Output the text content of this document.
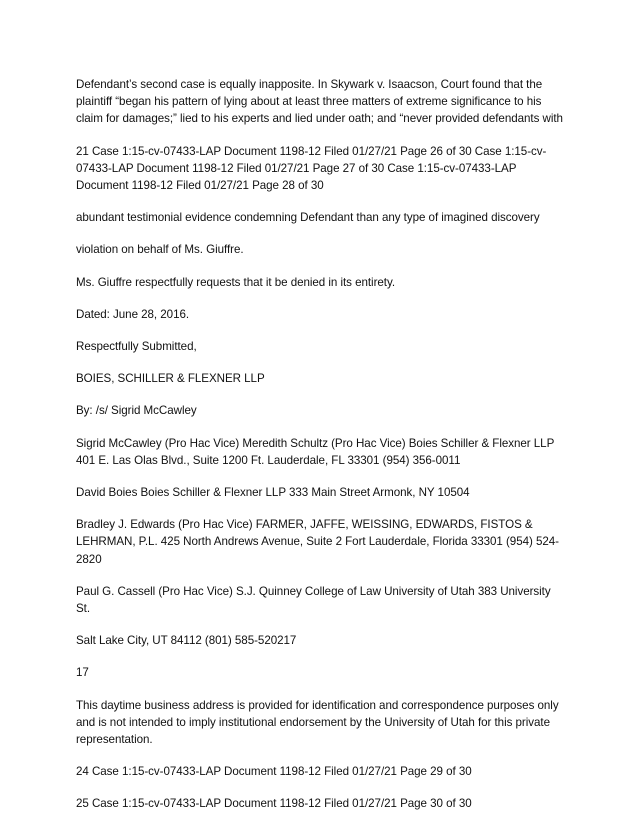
Defendant’s second case is equally inapposite. In Skywark v. Isaacson, Court found that the plaintiff “began his pattern of lying about at least three matters of extreme significance to his claim for damages;” lied to his experts and lied under oath; and “never provided defendants with

21 Case 1:15-cv-07433-LAP Document 1198-12 Filed 01/27/21 Page 26 of 30 Case 1:15-cv-07433-LAP Document 1198-12 Filed 01/27/21 Page 27 of 30 Case 1:15-cv-07433-LAP Document 1198-12 Filed 01/27/21 Page 28 of 30

abundant testimonial evidence condemning Defendant than any type of imagined discovery

violation on behalf of Ms. Giuffre.

Ms. Giuffre respectfully requests that it be denied in its entirety.

Dated: June 28, 2016.

Respectfully Submitted,

BOIES, SCHILLER & FLEXNER LLP

By: /s/ Sigrid McCawley

Sigrid McCawley (Pro Hac Vice) Meredith Schultz (Pro Hac Vice) Boies Schiller & Flexner LLP 401 E. Las Olas Blvd., Suite 1200 Ft. Lauderdale, FL 33301 (954) 356-0011

David Boies Boies Schiller & Flexner LLP 333 Main Street Armonk, NY 10504

Bradley J. Edwards (Pro Hac Vice) FARMER, JAFFE, WEISSING, EDWARDS, FISTOS & LEHRMAN, P.L. 425 North Andrews Avenue, Suite 2 Fort Lauderdale, Florida 33301 (954) 524-2820

Paul G. Cassell (Pro Hac Vice) S.J. Quinney College of Law University of Utah 383 University St.

Salt Lake City, UT 84112 (801) 585-520217

17

This daytime business address is provided for identification and correspondence purposes only and is not intended to imply institutional endorsement by the University of Utah for this private representation.

24 Case 1:15-cv-07433-LAP Document 1198-12 Filed 01/27/21 Page 29 of 30

25 Case 1:15-cv-07433-LAP Document 1198-12 Filed 01/27/21 Page 30 of 30
